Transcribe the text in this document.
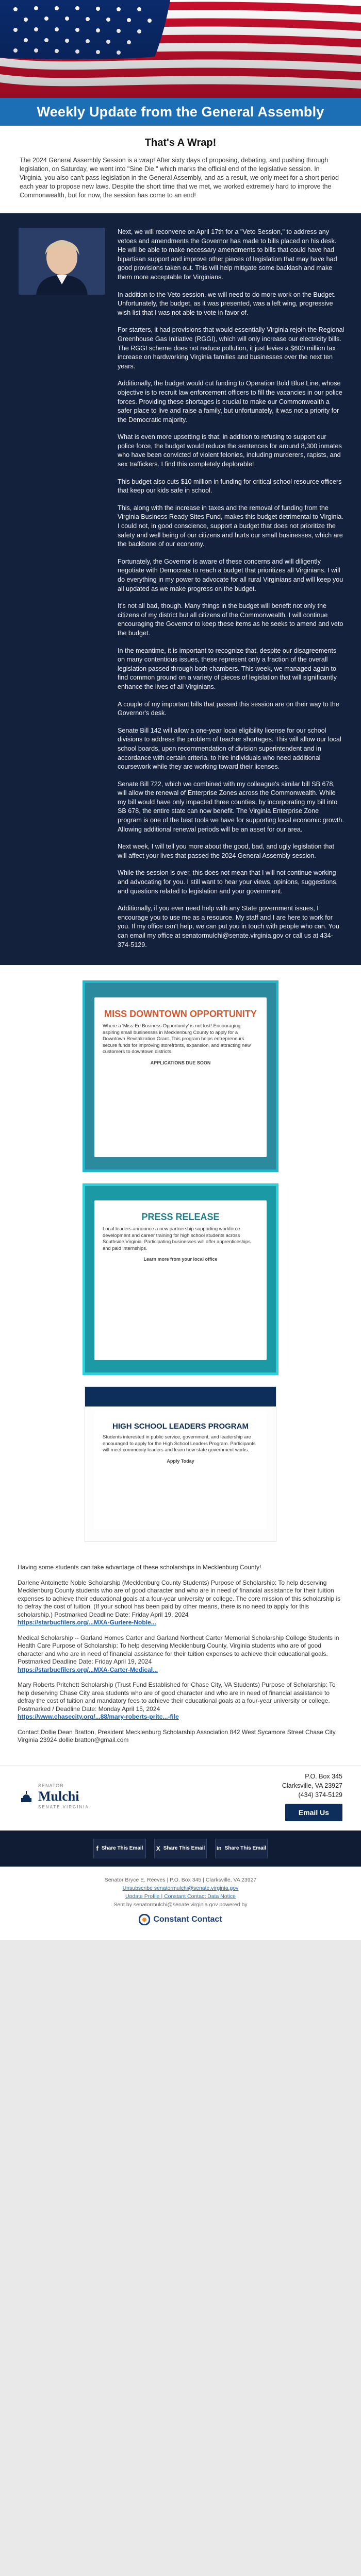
Weekly Update from the General Assembly
That's A Wrap!

The 2024 General Assembly Session is a wrap! After sixty days of proposing, debating, and pushing through legislation, on Saturday, we went into "Sine Die," which marks the official end of the legislative session. In Virginia, you also can't pass legislation in the General Assembly, and as a result, we only meet for a short period each year to propose new laws. Despite the short time that we met, we worked extremely hard to improve the Commonwealth, but for now, the session has come to an end!

Next, we will reconvene on April 17th for a "Veto Session," to address any vetoes and amendments the Governor has made to bills placed on his desk. He will be able to make necessary amendments to bills that could have had bipartisan support and improve other pieces of legislation that may have had good provisions taken out. This will help mitigate some backlash and make them more acceptable for Virginians.

In addition to the Veto session, we will need to do more work on the Budget. Unfortunately, the budget, as it was presented, was a left wing, progressive wish list that I was not able to vote in favor of.

For starters, it had provisions that would essentially Virginia rejoin the Regional Greenhouse Gas Initiative (RGGI), which will only increase our electricity bills. The RGGI scheme does not reduce pollution, it just levies a $600 million tax increase on hardworking Virginia families and businesses over the next ten years.

Additionally, the budget would cut funding to Operation Bold Blue Line, whose objective is to recruit law enforcement officers to fill the vacancies in our police forces. Providing these shortages is crucial to make our Commonwealth a safer place to live and raise a family, but unfortunately, it was not a priority for the Democratic majority.

What is even more upsetting is that, in addition to refusing to support our police force, the budget would reduce the sentences for around 8,300 inmates who have been convicted of violent felonies, including murderers, rapists, and sex traffickers. I find this completely deplorable!

This budget also cuts $10 million in funding for critical school resource officers that keep our kids safe in school.

This, along with the increase in taxes and the removal of funding from the Virginia Business Ready Sites Fund, makes this budget detrimental to Virginia. I could not, in good conscience, support a budget that does not prioritize the safety and well being of our citizens and hurts our small businesses, which are the backbone of our economy.

Fortunately, the Governor is aware of these concerns and will diligently negotiate with Democrats to reach a budget that prioritizes all Virginians. I will do everything in my power to advocate for all rural Virginians and will keep you all updated as we make progress on the budget.

It's not all bad, though. Many things in the budget will benefit not only the citizens of my district but all citizens of the Commonwealth. I will continue encouraging the Governor to keep these items as he seeks to amend and veto the budget.

In the meantime, it is important to recognize that, despite our disagreements on many contentious issues, these represent only a fraction of the overall legislation passed through both chambers. This week, we managed again to find common ground on a variety of pieces of legislation that will significantly enhance the lives of all Virginians.

A couple of my important bills that passed this session are on their way to the Governor's desk.

Senate Bill 142 will allow a one-year local eligibility license for our school divisions to address the problem of teacher shortages. This will allow our local school boards, upon recommendation of division superintendent and in accordance with certain criteria, to hire individuals who need additional coursework while they are working toward their licenses.

Senate Bill 722, which we combined with my colleague's similar bill SB 678, will allow the renewal of Enterprise Zones across the Commonwealth. While my bill would have only impacted three counties, by incorporating my bill into SB 678, the entire state can now benefit. The Virginia Enterprise Zone program is one of the best tools we have for supporting local economic growth. Allowing additional renewal periods will be an asset for our area.

Next week, I will tell you more about the good, bad, and ugly legislation that will affect your lives that passed the 2024 General Assembly session.

While the session is over, this does not mean that I will not continue working and advocating for you. I still want to hear your views, opinions, suggestions, and questions related to legislation and your government.

Additionally, if you ever need help with any State government issues, I encourage you to use me as a resource. My staff and I are here to work for you. If my office can't help, we can put you in touch with people who can. You can email my office at senatormulchi@senate.virginia.gov or call us at 434-374-5129.

MISS DOWNTOWN OPPORTUNITY

Where a 'Miss-Ed Business Opportunity' is not lost! Encouraging aspiring small businesses in Mecklenburg County to apply for a Downtown Revitalization Grant. This program helps entrepreneurs secure funds for improving storefronts, expansion, and attracting new customers to downtown districts.

APPLICATIONS DUE SOON
PRESS RELEASE

Local leaders announce a new partnership supporting workforce development and career training for high school students across Southside Virginia. Participating businesses will offer apprenticeships and paid internships.

Learn more from your local office
HIGH SCHOOL LEADERS PROGRAM

Students interested in public service, government, and leadership are encouraged to apply for the High School Leaders Program. Participants will meet community leaders and learn how state government works.

Apply Today

Having some students can take advantage of these scholarships in Mecklenburg County!

Darlene Antoinette Noble Scholarship (Mecklenburg County Students) Purpose of Scholarship: To help deserving Mecklenburg County students who are of good character and who are in need of financial assistance for their tuition expenses to achieve their educational goals at a four-year university or college. The core mission of this scholarship is to defray the cost of tuition. (If your school has been paid by other means, there is no need to apply for this scholarship.) Postmarked Deadline Date: Friday April 19, 2024
https://starbucfilers.org/...MXA-Gurlere-Noble...

Medical Scholarship -- Garland Homes Carter and Garland Northcut Carter Memorial Scholarship College Students in Health Care Purpose of Scholarship: To help deserving Mecklenburg County, Virginia students who are of good character and who are in need of financial assistance for their tuition expenses to achieve their educational goals. Postmarked Deadline Date: Friday April 19, 2024
https://starbucfilers.org/...MXA-Carter-Medical...

Mary Roberts Pritchett Scholarship (Trust Fund Established for Chase City, VA Students) Purpose of Scholarship: To help deserving Chase City area students who are of good character and who are in need of financial assistance to defray the cost of tuition and mandatory fees to achieve their educational goals at a four-year university or college. Postmarked / Deadline Date: Monday April 15, 2024
https://www.chasecity.org/...88/mary-roberts-pritc...-file

Contact Dollie Dean Bratton, President Mecklenburg Scholarship Association 842 West Sycamore Street Chase City, Virginia 23924 dollie.bratton@gmail.com

SENATOR
Mulchi
SENATE VIRGINIA
P.O. Box 345
Clarksville, VA 23927
(434) 374-5129
Email Us
f Share This Email X Share This Email in Share This Email
Senator Bryce E. Reeves | P.O. Box 345 | Clarksville, VA 23927
Unsubscribe senatormulchi@senate.virginia.gov
Update Profile | Constant Contact Data Notice
Sent by senatormulchi@senate.virginia.gov powered by
Constant Contact
